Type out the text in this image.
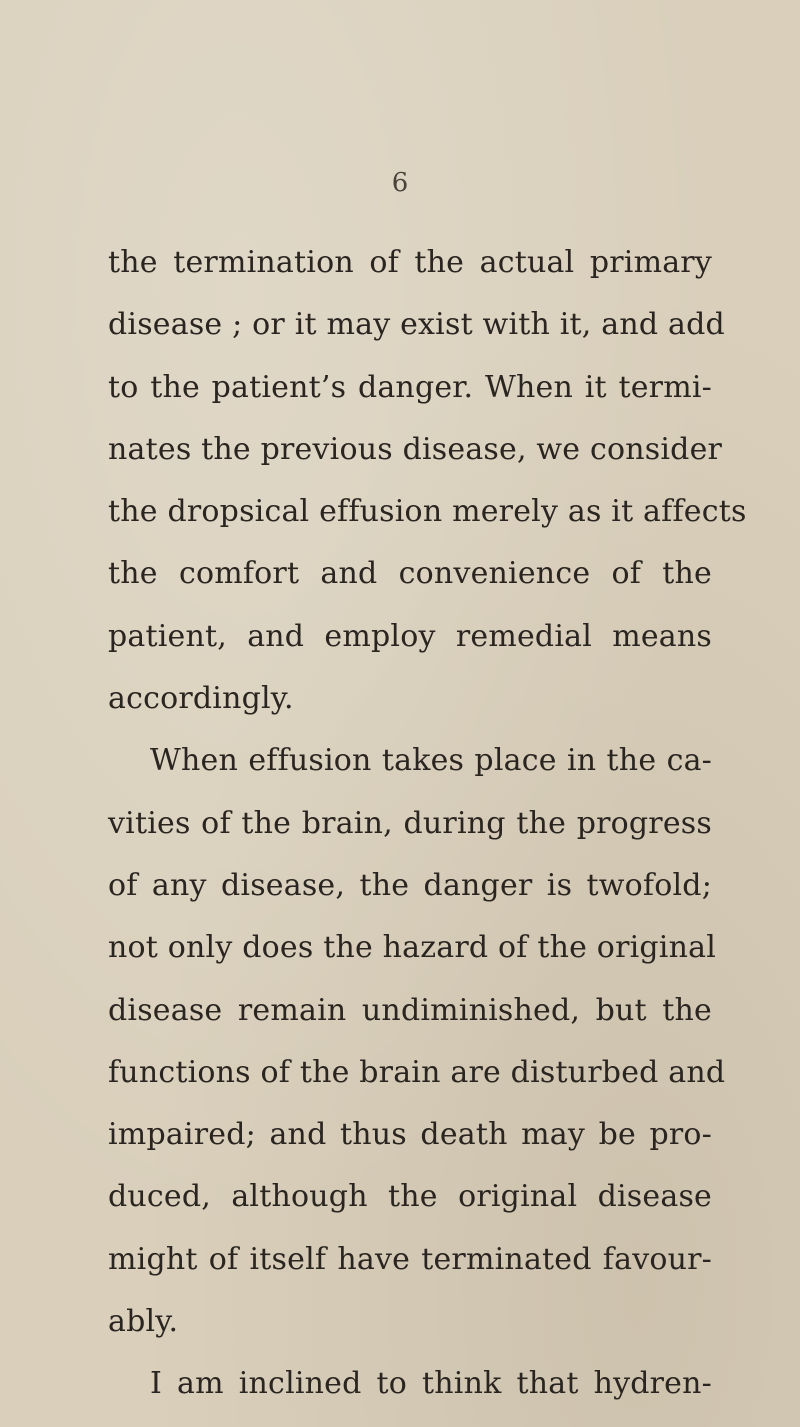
6
the termination of the actual primary
disease ; or it may exist with it, and add
to the patient’s danger. When it termi-
nates the previous disease, we consider
the dropsical effusion merely as it affects
the comfort and convenience of the
patient, and employ remedial means
accordingly.
When effusion takes place in the ca-
vities of the brain, during the progress
of any disease, the danger is twofold;
not only does the hazard of the original
disease remain undiminished, but the
functions of the brain are disturbed and
impaired; and thus death may be pro-
duced, although the original disease
might of itself have terminated favour-
ably.
I am inclined to think that hydren-
